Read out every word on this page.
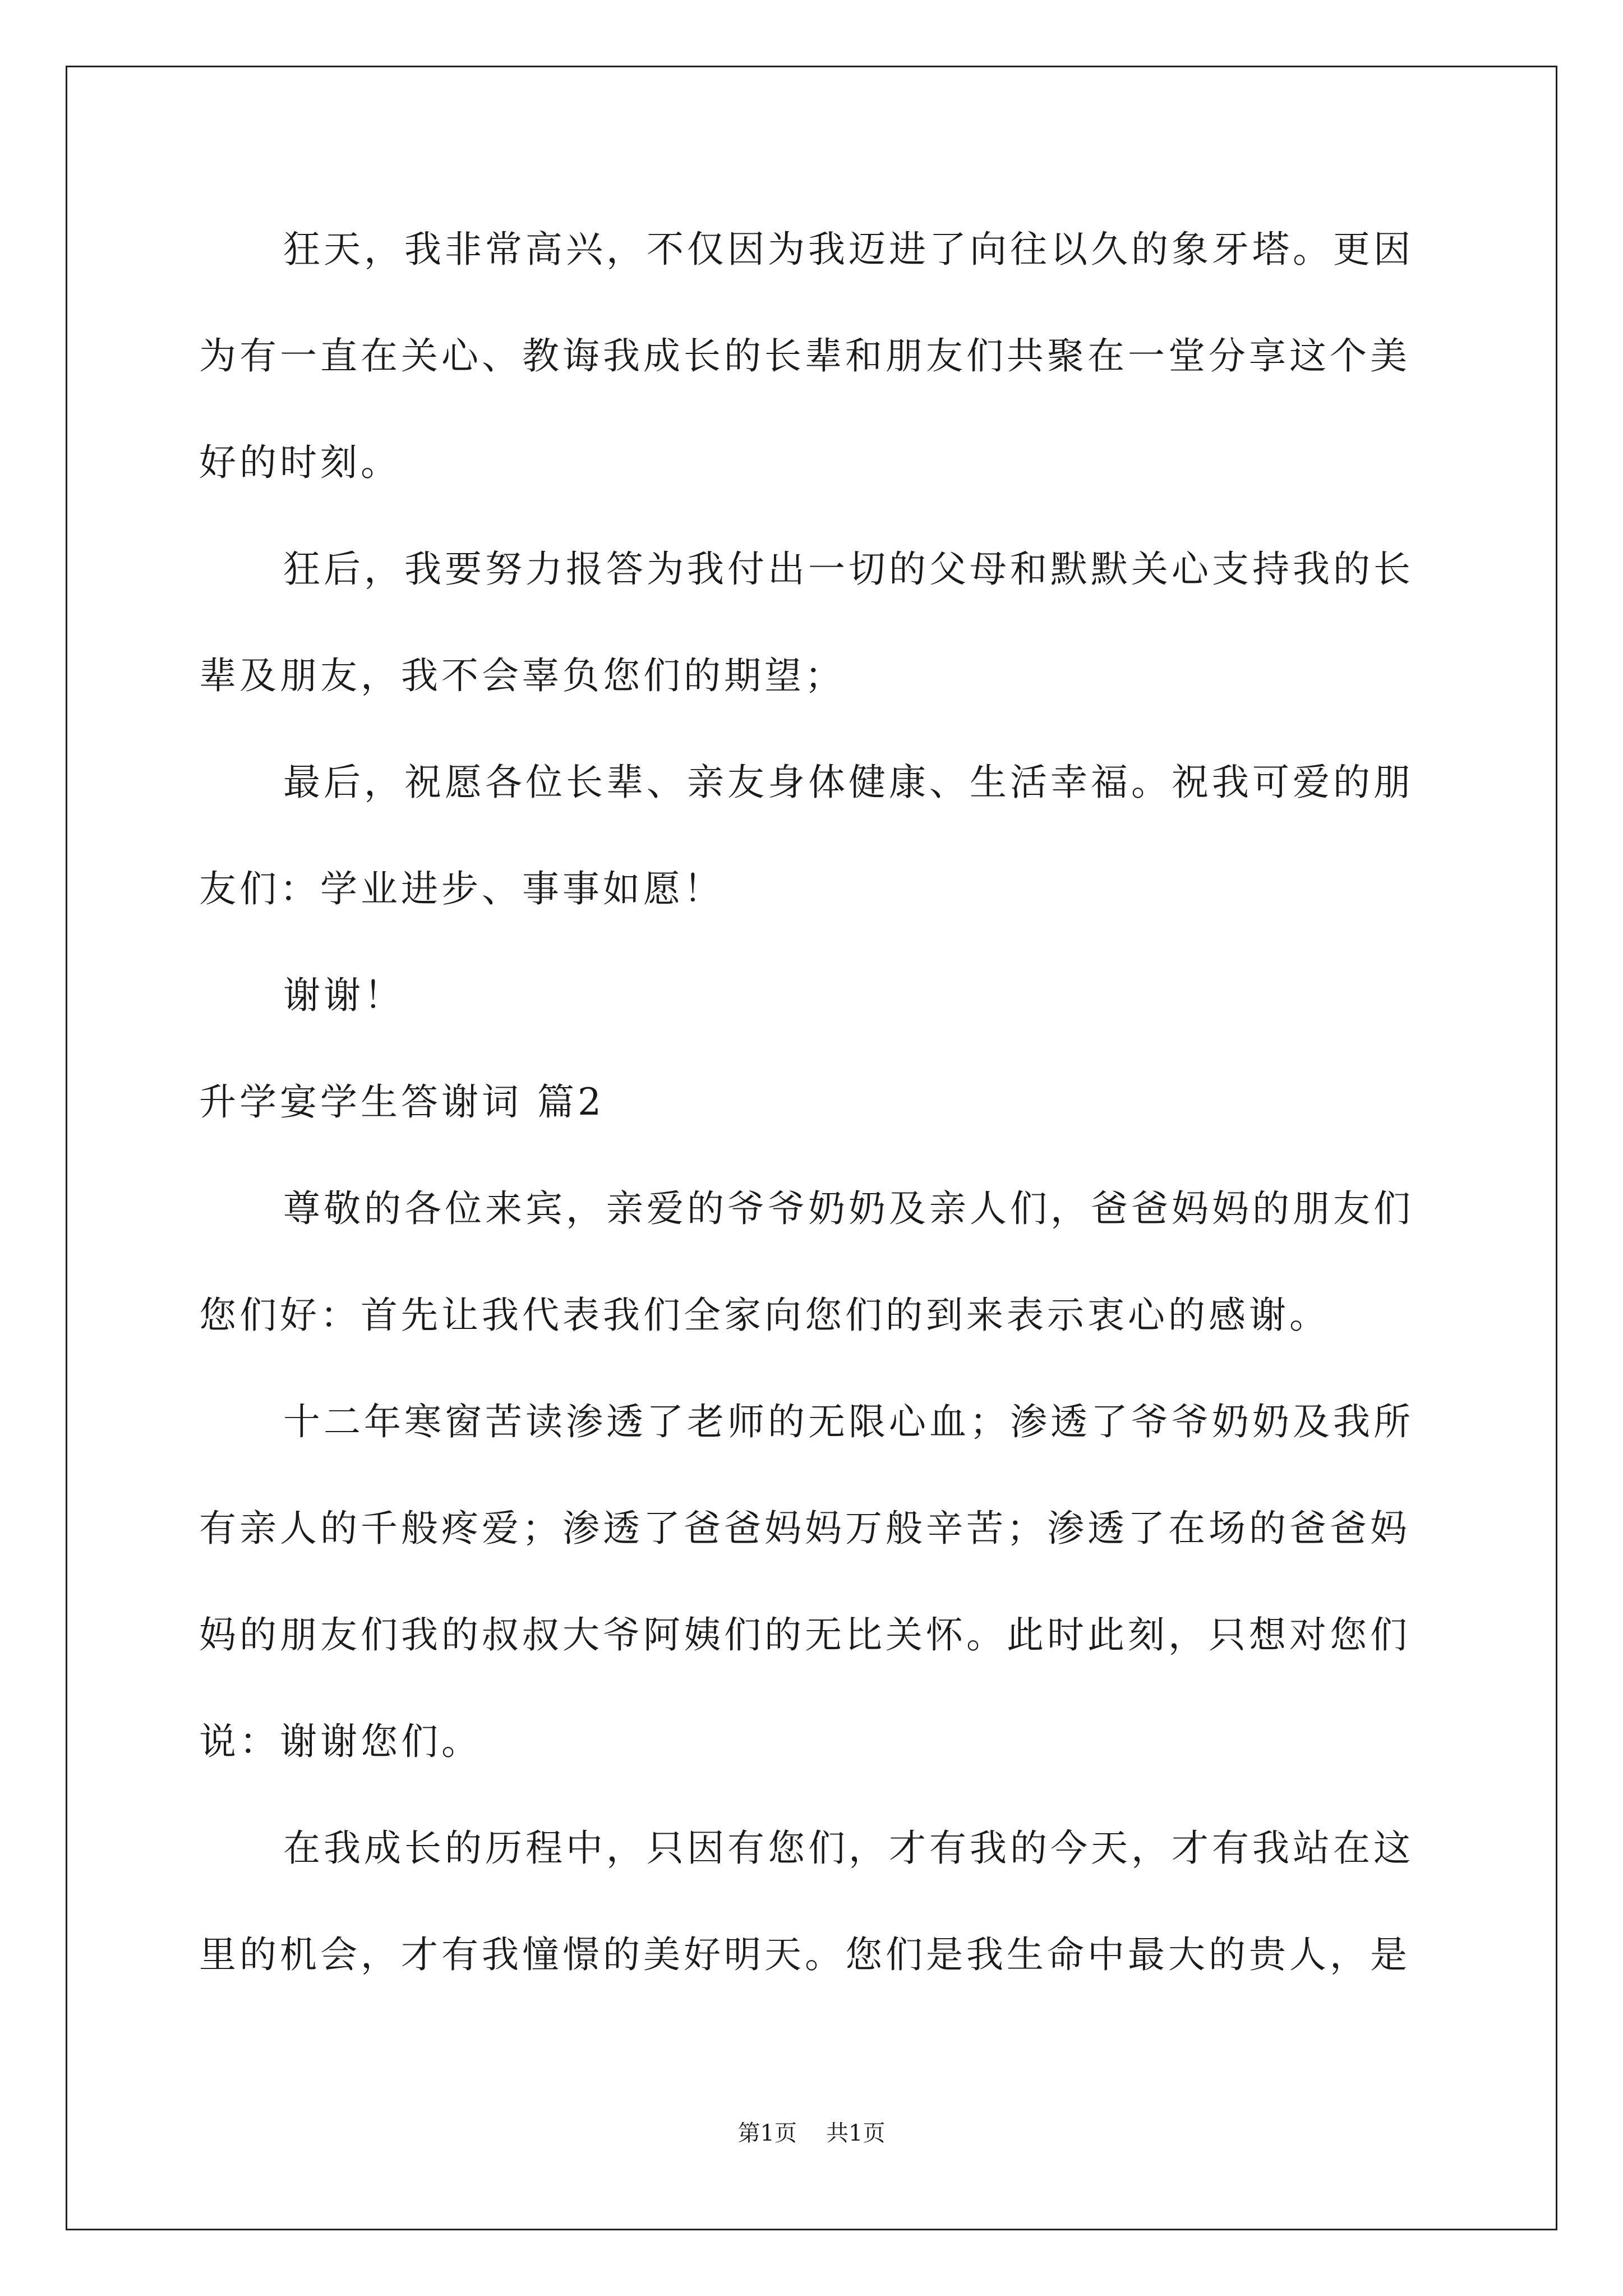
狂天，我非常高兴，不仅因为我迈进了向往以久的象牙塔。更因
为有一直在关心、教诲我成长的长辈和朋友们共聚在一堂分享这个美
好的时刻。
狂后，我要努力报答为我付出一切的父母和默默关心支持我的长
辈及朋友，我不会辜负您们的期望；
最后，祝愿各位长辈、亲友身体健康、生活幸福。祝我可爱的朋
友们：学业进步、事事如愿！
谢谢！
升学宴学生答谢词 篇2
尊敬的各位来宾，亲爱的爷爷奶奶及亲人们，爸爸妈妈的朋友们
您们好：首先让我代表我们全家向您们的到来表示衷心的感谢。
十二年寒窗苦读渗透了老师的无限心血；渗透了爷爷奶奶及我所
有亲人的千般疼爱；渗透了爸爸妈妈万般辛苦；渗透了在场的爸爸妈
妈的朋友们我的叔叔大爷阿姨们的无比关怀。此时此刻，只想对您们
说：谢谢您们。
在我成长的历程中，只因有您们，才有我的今天，才有我站在这
里的机会，才有我憧憬的美好明天。您们是我生命中最大的贵人，是
第1页 共1页
